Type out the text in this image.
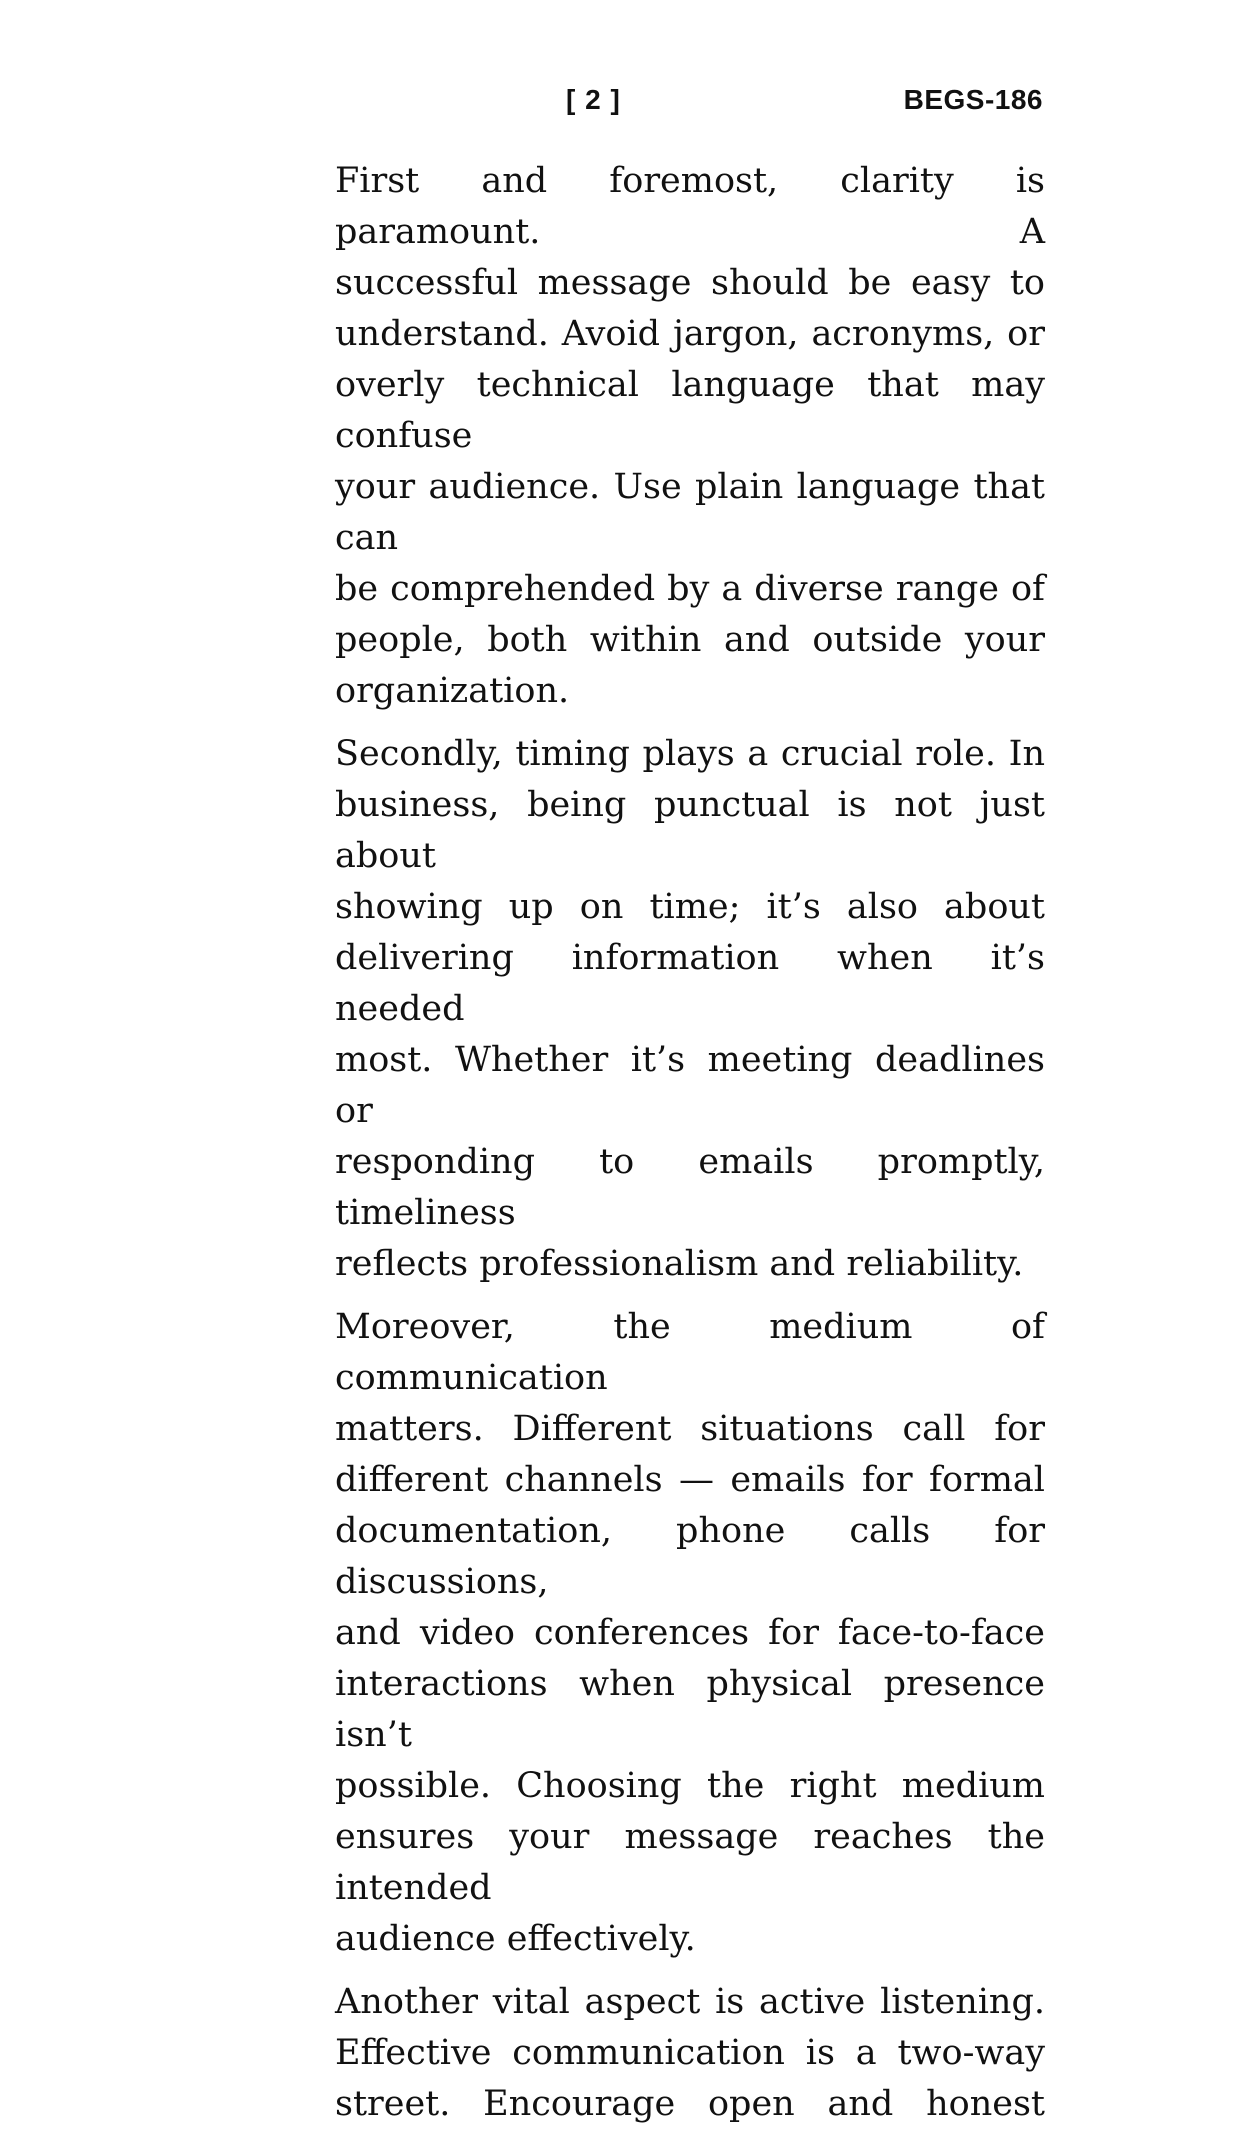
[ 2 ]	BEGS-186

First and foremost, clarity is paramount. A
successful message should be easy to
understand. Avoid jargon, acronyms, or
overly technical language that may confuse
your audience. Use plain language that can
be comprehended by a diverse range of
people, both within and outside your
organization.

Secondly, timing plays a crucial role. In
business, being punctual is not just about
showing up on time; it’s also about
delivering information when it’s needed
most. Whether it’s meeting deadlines or
responding to emails promptly, timeliness
reflects professionalism and reliability.

Moreover, the medium of communication
matters. Different situations call for
different channels — emails for formal
documentation, phone calls for discussions,
and video conferences for face-to-face
interactions when physical presence isn’t
possible. Choosing the right medium
ensures your message reaches the intended
audience effectively.

Another vital aspect is active listening.
Effective communication is a two-way
street. Encourage open and honest
